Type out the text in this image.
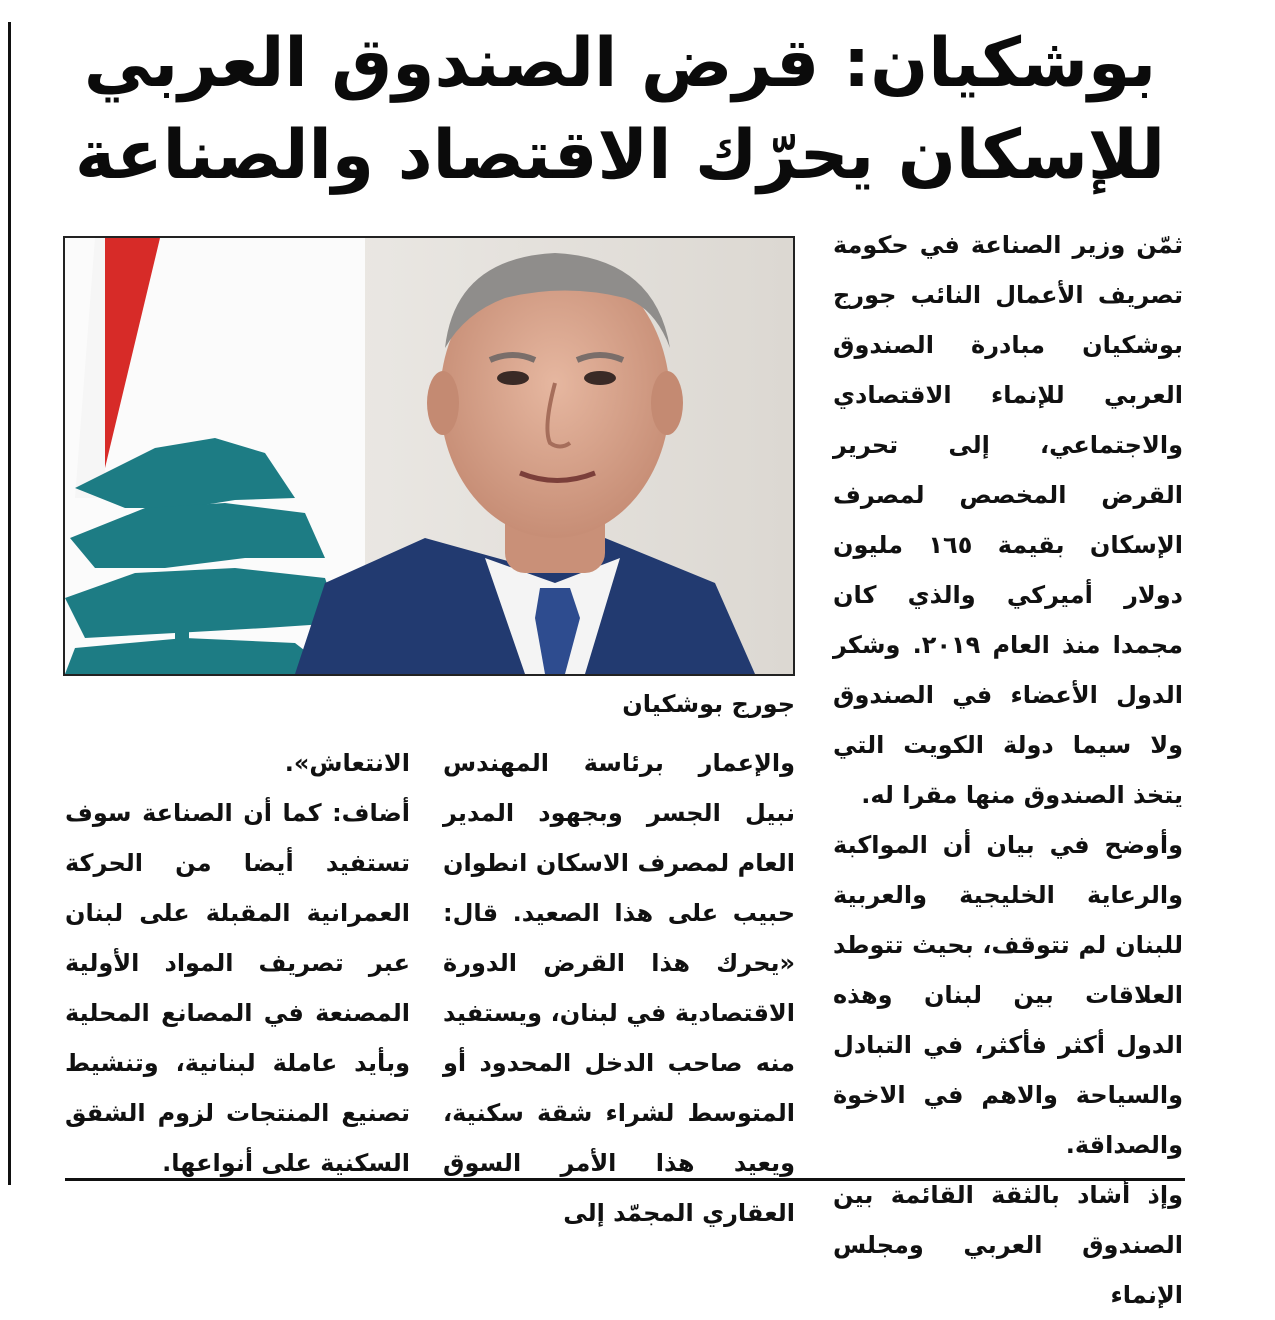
بوشكيان: قرض الصندوق العربي
للإسكان يحرّك الاقتصاد والصناعة
جورج بوشكيان

ثمّن وزير الصناعة في حكومة تصريف الأعمال النائب جورج بوشكيان مبادرة الصندوق العربي للإنماء الاقتصادي والاجتماعي، إلى تحرير القرض المخصص لمصرف الإسكان بقيمة ١٦٥ مليون دولار أميركي والذي كان مجمدا منذ العام ٢٠١٩. وشكر الدول الأعضاء في الصندوق ولا سيما دولة الكويت التي يتخذ الصندوق منها مقرا له.

وأوضح في بيان أن المواكبة والرعاية الخليجية والعربية للبنان لم تتوقف، بحيث تتوطد العلاقات بين لبنان وهذه الدول أكثر فأكثر، في التبادل والسياحة والاهم في الاخوة والصداقة.

وإذ أشاد بالثقة القائمة بين الصندوق العربي ومجلس الإنماء

والإعمار برئاسة المهندس نبيل الجسر وبجهود المدير العام لمصرف الاسكان انطوان حبيب على هذا الصعيد. قال: «يحرك هذا القرض الدورة الاقتصادية في لبنان، ويستفيد منه صاحب الدخل المحدود أو المتوسط لشراء شقة سكنية، ويعيد هذا الأمر السوق العقاري المجمّد إلى

الانتعاش».

أضاف: كما أن الصناعة سوف تستفيد أيضا من الحركة العمرانية المقبلة على لبنان عبر تصريف المواد الأولية المصنعة في المصانع المحلية وبأيد عاملة لبنانية، وتنشيط تصنيع المنتجات لزوم الشقق السكنية على أنواعها.
